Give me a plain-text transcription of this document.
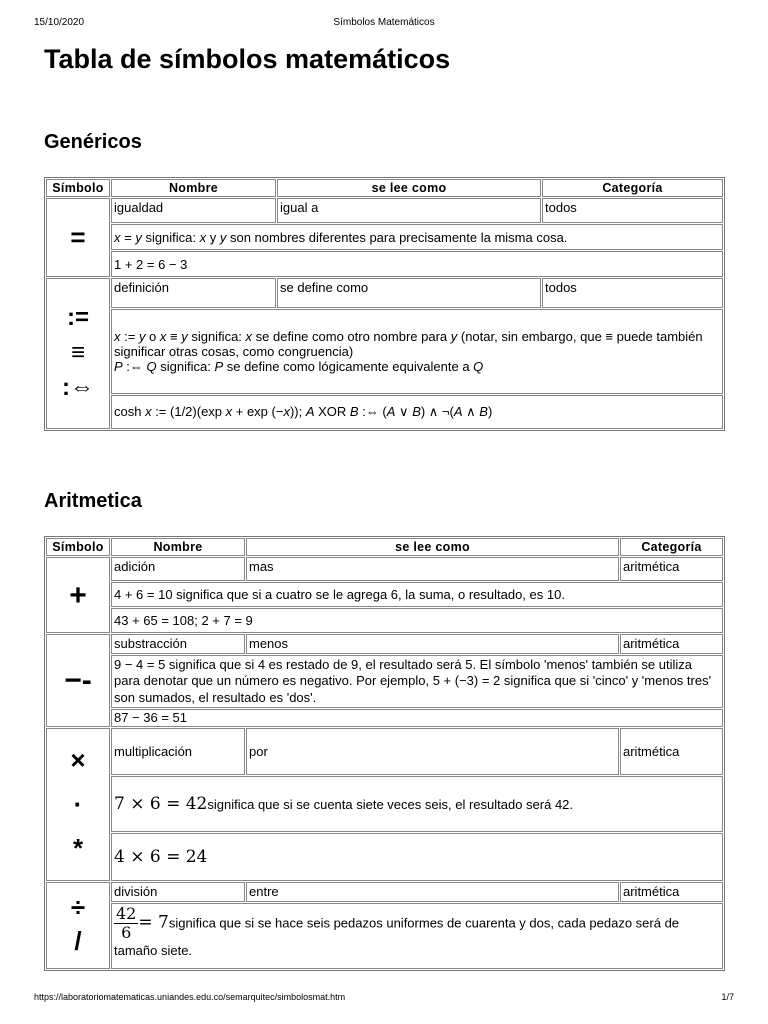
15/10/2020	Símbolos Matemáticos
Tabla de símbolos matemáticos
Genéricos
Símbolo	Nombre	se lee como	Categoría
=	igualdad	igual a	todos
	x = y significa: x y y son nombres diferentes para precisamente la misma cosa.		
	1 + 2 = 6 − 3		

:=
≡
:⇔	definición	se define como	todos

	x := y o x ≡ y significa: x se define como otro nombre para y (notar, sin embargo, que ≡ puede también significar otras cosas, como congruencia)
P :⇔ Q significa: P se define como lógicamente equivalente a Q		

	cosh x := (1/2)(exp x + exp (−x)); A XOR B :⇔ (A ∨ B) ∧ ¬(A ∧ B)		
Aritmetica
Símbolo	Nombre	se lee como	Categoría
+	adición	mas	aritmética
	4 + 6 = 10 significa que si a cuatro se le agrega 6, la suma, o resultado, es 10.		
	43 + 65 = 108; 2 + 7 = 9		
−-	substracción	menos	aritmética
	9 − 4 = 5 significa que si 4 es restado de 9, el resultado será 5. El símbolo 'menos' también se utiliza para denotar que un número es negativo. Por ejemplo, 5 + (−3) = 2 significa que si 'cinco' y 'menos tres' son sumados, el resultado es 'dos'.		
	87 − 36 = 51		

×
·
*	multiplicación	por	aritmética
	7 × 6 = 42significa que si se cuenta siete veces seis, el resultado será 42.		
	4 × 6 = 24		

÷
/	división	entre	aritmética

	$\frac{42}{6}$ = 7significa que si se hace seis pedazos uniformes de cuarenta y dos, cada pedazo será de tamaño siete.		
https://laboratoriomatematicas.uniandes.edu.co/semarquitec/simbolosmat.htm	1/7
